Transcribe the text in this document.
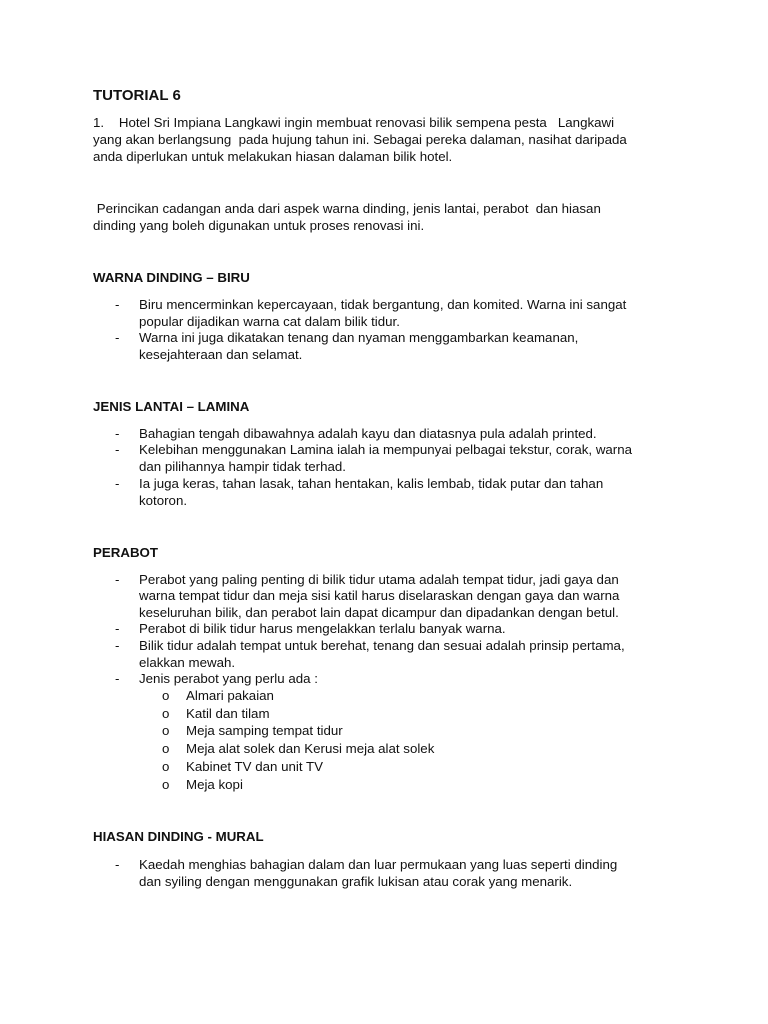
TUTORIAL 6
1.    Hotel Sri Impiana Langkawi ingin membuat renovasi bilik sempena pesta   Langkawi
yang akan berlangsung  pada hujung tahun ini. Sebagai pereka dalaman, nasihat daripada
anda diperlukan untuk melakukan hiasan dalaman bilik hotel.
Perincikan cadangan anda dari aspek warna dinding, jenis lantai, perabot  dan hiasan
dinding yang boleh digunakan untuk proses renovasi ini.
WARNA DINDING – BIRU
- Biru mencerminkan kepercayaan, tidak bergantung, dan komited. Warna ini sangat
popular dijadikan warna cat dalam bilik tidur.
- Warna ini juga dikatakan tenang dan nyaman menggambarkan keamanan,
kesejahteraan dan selamat.
JENIS LANTAI – LAMINA
- Bahagian tengah dibawahnya adalah kayu dan diatasnya pula adalah printed.
- Kelebihan menggunakan Lamina ialah ia mempunyai pelbagai tekstur, corak, warna
dan pilihannya hampir tidak terhad.
- Ia juga keras, tahan lasak, tahan hentakan, kalis lembab, tidak putar dan tahan
kotoron.
PERABOT
- Perabot yang paling penting di bilik tidur utama adalah tempat tidur, jadi gaya dan
warna tempat tidur dan meja sisi katil harus diselaraskan dengan gaya dan warna
keseluruhan bilik, dan perabot lain dapat dicampur dan dipadankan dengan betul.
- Perabot di bilik tidur harus mengelakkan terlalu banyak warna.
- Bilik tidur adalah tempat untuk berehat, tenang dan sesuai adalah prinsip pertama,
elakkan mewah.
- Jenis perabot yang perlu ada :
o Almari pakaian
o Katil dan tilam
o Meja samping tempat tidur
o Meja alat solek dan Kerusi meja alat solek
o Kabinet TV dan unit TV
o Meja kopi
HIASAN DINDING - MURAL
- Kaedah menghias bahagian dalam dan luar permukaan yang luas seperti dinding
dan syiling dengan menggunakan grafik lukisan atau corak yang menarik.
